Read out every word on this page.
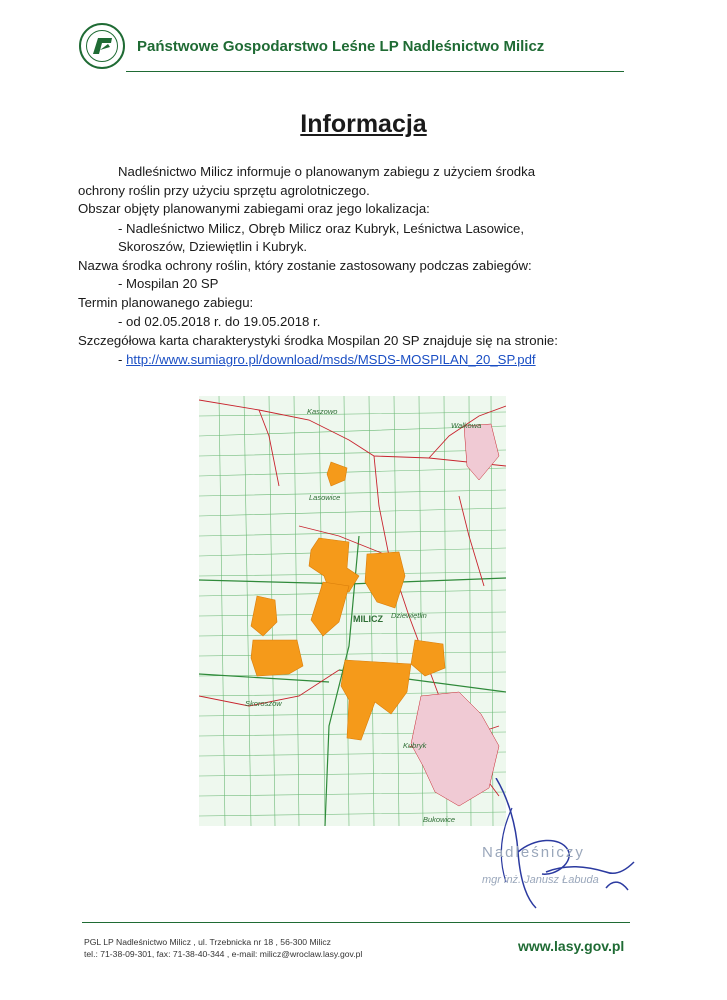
Państwowe Gospodarstwo Leśne LP Nadleśnictwo Milicz
Informacja
Nadleśnictwo Milicz informuje o planowanym zabiegu z użyciem środka
ochrony roślin przy użyciu sprzętu agrolotniczego.
Obszar objęty planowanymi zabiegami oraz jego lokalizacja:
- Nadleśnictwo Milicz, Obręb Milicz oraz Kubryk, Leśnictwa Lasowice,
Skoroszów, Dziewiętlin i Kubryk.
Nazwa środka ochrony roślin, który zostanie zastosowany podczas zabiegów:
- Mospilan 20 SP
Termin planowanego zabiegu:
- od 02.05.2018 r. do 19.05.2018 r.
Szczegółowa karta charakterystyki środka Mospilan 20 SP znajduje się na stronie:
- http://www.sumiagro.pl/download/msds/MSDS-MOSPILAN_20_SP.pdf
Kaszowo
Walkowa
Lasowice
Dziewiętlin
Skoroszów
Kubryk
Bukowice
MILICZ
Nadleśniczy
mgr inż. Janusz Łabuda
PGL LP Nadleśnictwo Milicz , ul. Trzebnicka nr 18 , 56-300 Milicz
tel.: 71-38-09-301, fax: 71-38-40-344 , e-mail: milicz@wroclaw.lasy.gov.pl	www.lasy.gov.pl
